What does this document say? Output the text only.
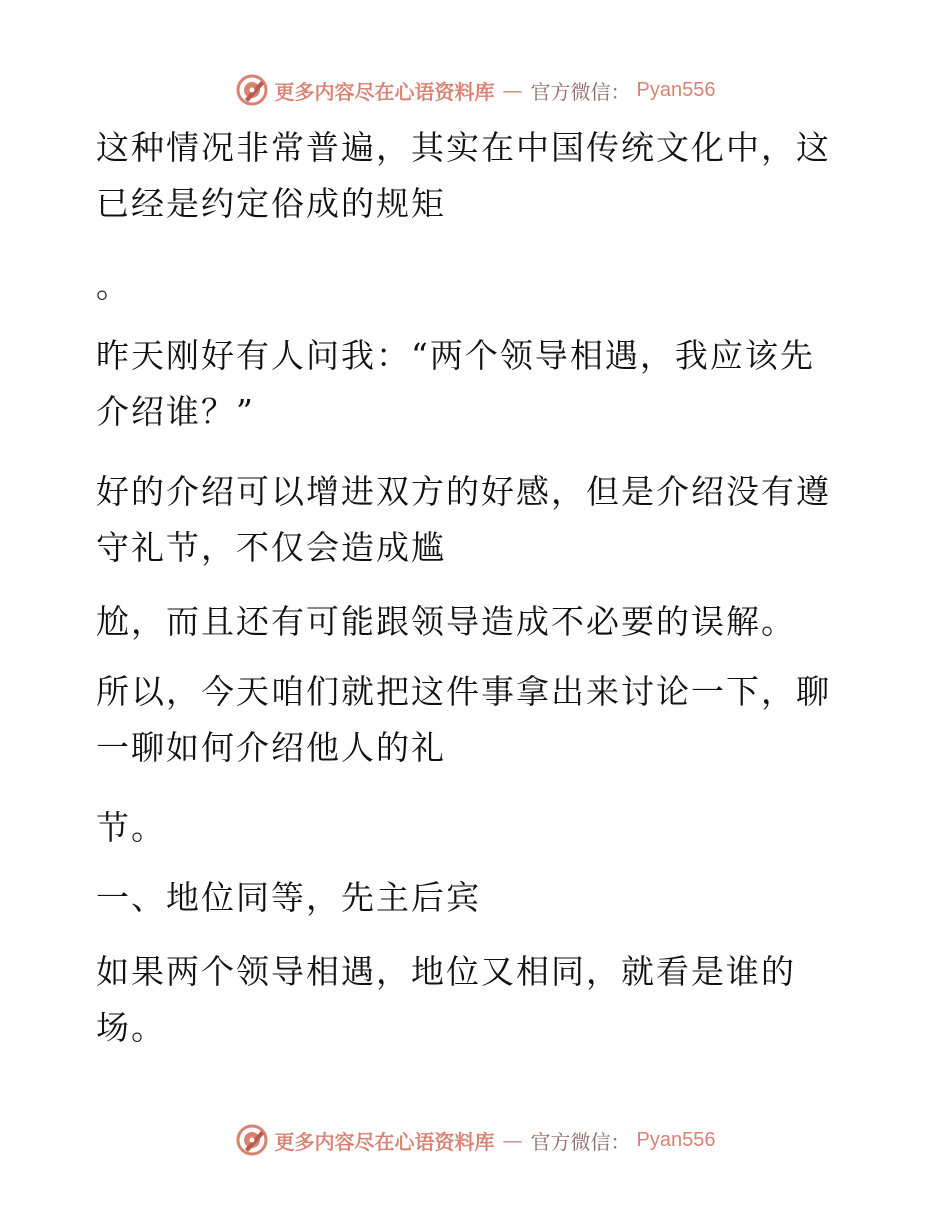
更多内容尽在心语资料库 — 官方微信： Pyan556

这种情况非常普遍，其实在中国传统文化中，这
已经是约定俗成的规矩

。

昨天刚好有人问我：“两个领导相遇，我应该先
介绍谁？”

好的介绍可以增进双方的好感，但是介绍没有遵
守礼节，不仅会造成尴

尬，而且还有可能跟领导造成不必要的误解。

所以，今天咱们就把这件事拿出来讨论一下，聊
一聊如何介绍他人的礼

节。

一、地位同等，先主后宾

如果两个领导相遇，地位又相同，就看是谁的
场。

更多内容尽在心语资料库 — 官方微信： Pyan556
